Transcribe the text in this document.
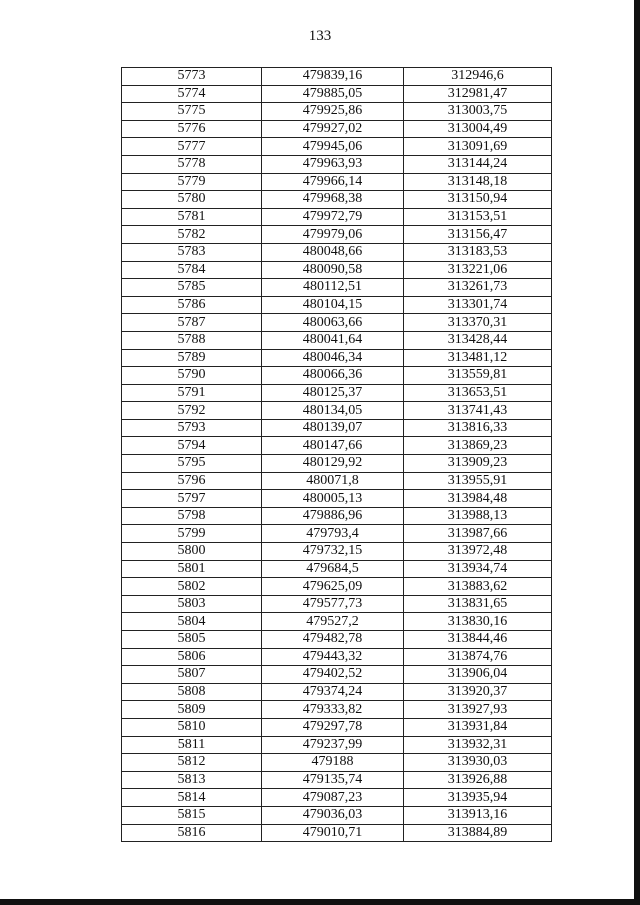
133
5773	479839,16	312946,6
5774	479885,05	312981,47
5775	479925,86	313003,75
5776	479927,02	313004,49
5777	479945,06	313091,69
5778	479963,93	313144,24
5779	479966,14	313148,18
5780	479968,38	313150,94
5781	479972,79	313153,51
5782	479979,06	313156,47
5783	480048,66	313183,53
5784	480090,58	313221,06
5785	480112,51	313261,73
5786	480104,15	313301,74
5787	480063,66	313370,31
5788	480041,64	313428,44
5789	480046,34	313481,12
5790	480066,36	313559,81
5791	480125,37	313653,51
5792	480134,05	313741,43
5793	480139,07	313816,33
5794	480147,66	313869,23
5795	480129,92	313909,23
5796	480071,8	313955,91
5797	480005,13	313984,48
5798	479886,96	313988,13
5799	479793,4	313987,66
5800	479732,15	313972,48
5801	479684,5	313934,74
5802	479625,09	313883,62
5803	479577,73	313831,65
5804	479527,2	313830,16
5805	479482,78	313844,46
5806	479443,32	313874,76
5807	479402,52	313906,04
5808	479374,24	313920,37
5809	479333,82	313927,93
5810	479297,78	313931,84
5811	479237,99	313932,31
5812	479188	313930,03
5813	479135,74	313926,88
5814	479087,23	313935,94
5815	479036,03	313913,16
5816	479010,71	313884,89
